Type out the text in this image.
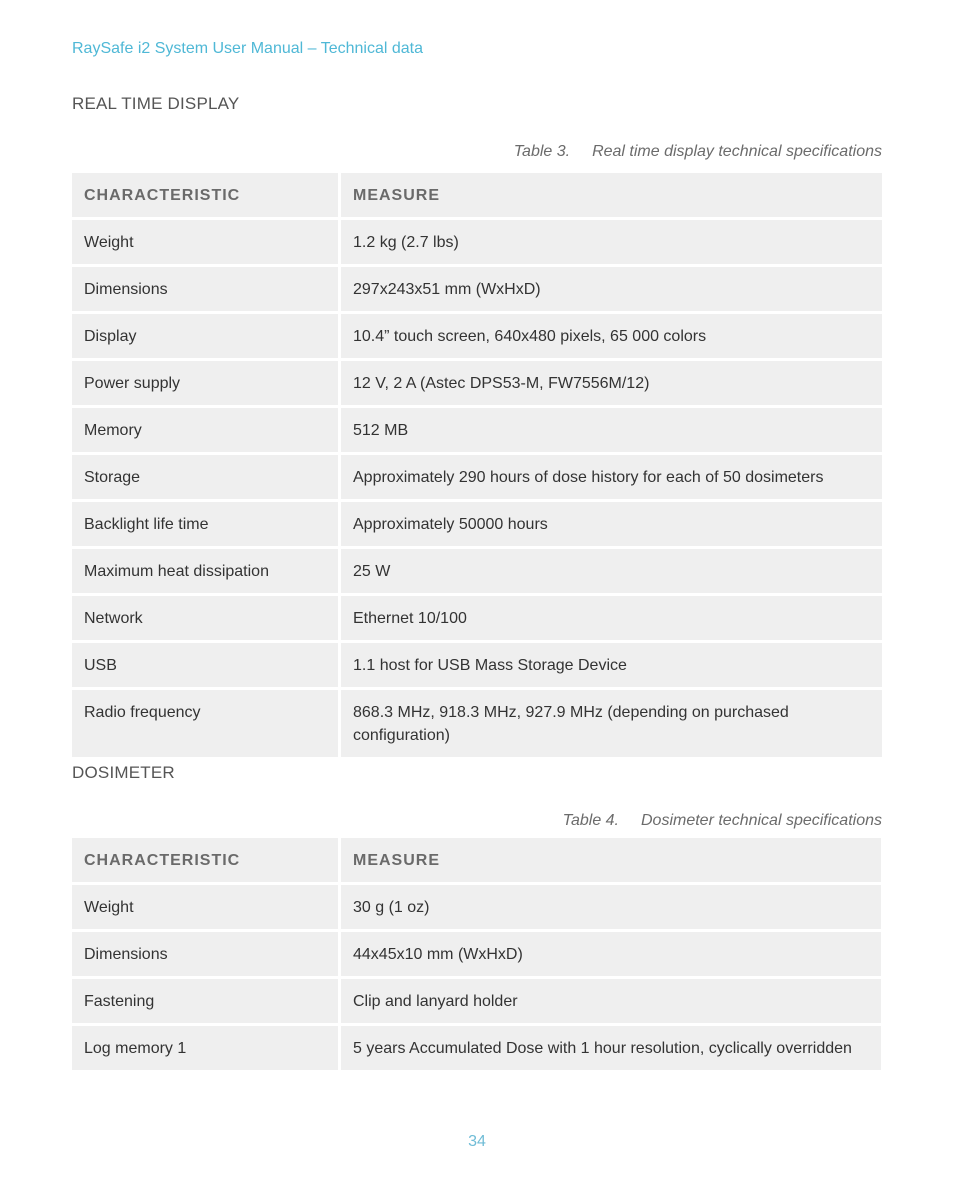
RaySafe i2 System User Manual – Technical data
REAL TIME DISPLAY
Table 3. Real time display technical specifications
CHARACTERISTIC	MEASURE
Weight	1.2 kg (2.7 lbs)
Dimensions	297x243x51 mm (WxHxD)
Display	10.4” touch screen, 640x480 pixels, 65 000 colors
Power supply	12 V, 2 A (Astec DPS53-M, FW7556M/12)
Memory	512 MB
Storage	Approximately 290 hours of dose history for each of 50 dosimeters
Backlight life time	Approximately 50000 hours
Maximum heat dissipation	25 W
Network	Ethernet 10/100
USB	1.1 host for USB Mass Storage Device
Radio frequency	868.3 MHz, 918.3 MHz, 927.9 MHz (depending on purchased configuration)
DOSIMETER
Table 4. Dosimeter technical specifications
CHARACTERISTIC	MEASURE
Weight	30 g (1 oz)
Dimensions	44x45x10 mm (WxHxD)
Fastening	Clip and lanyard holder
Log memory 1	5 years Accumulated Dose with 1 hour resolution, cyclically overridden
34
